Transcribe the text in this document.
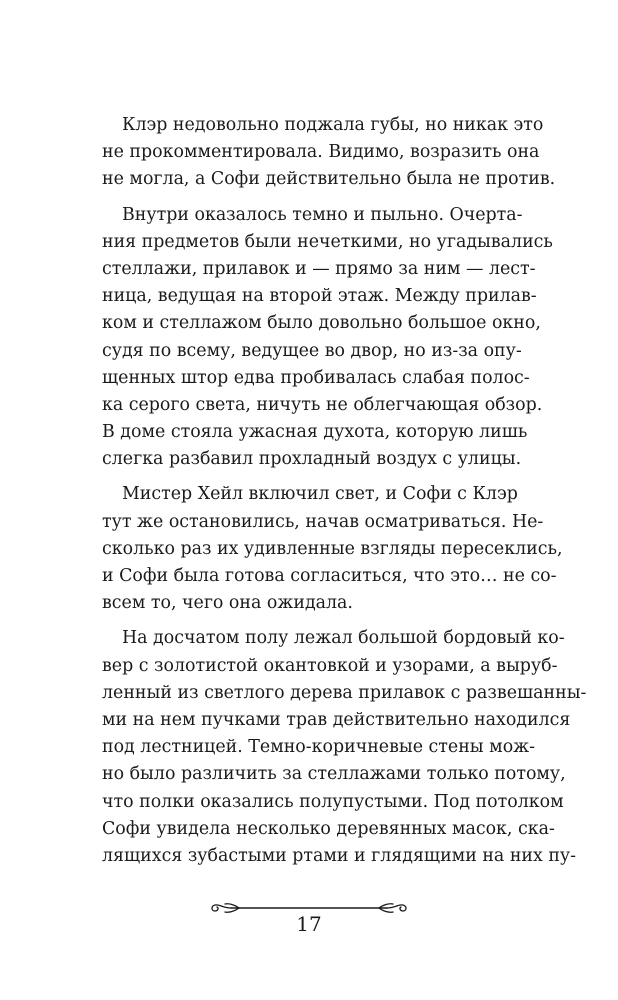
Клэр недовольно поджала губы, но никак это
не прокомментировала. Видимо, возразить она
не могла, а Софи действительно была не против.

Внутри оказалось темно и пыльно. Очерта-
ния предметов были нечеткими, но угадывались
стеллажи, прилавок и — прямо за ним — лест-
ница, ведущая на второй этаж. Между прилав-
ком и стеллажом было довольно большое окно,
судя по всему, ведущее во двор, но из-за опу-
щенных штор едва пробивалась слабая полос-
ка серого света, ничуть не облегчающая обзор.
В доме стояла ужасная духота, которую лишь
слегка разбавил прохладный воздух с улицы.

Мистер Хейл включил свет, и Софи с Клэр
тут же остановились, начав осматриваться. Не-
сколько раз их удивленные взгляды пересеклись,
и Софи была готова согласиться, что это… не со-
всем то, чего она ожидала.

На досчатом полу лежал большой бордовый ко-
вер с золотистой окантовкой и узорами, а выруб-
ленный из светлого дерева прилавок с развешанны-
ми на нем пучками трав действительно находился
под лестницей. Темно-коричневые стены мож-
но было различить за стеллажами только потому,
что полки оказались полупустыми. Под потолком
Софи увидела несколько деревянных масок, ска-
лящихся зубастыми ртами и глядящими на них пу-

17
